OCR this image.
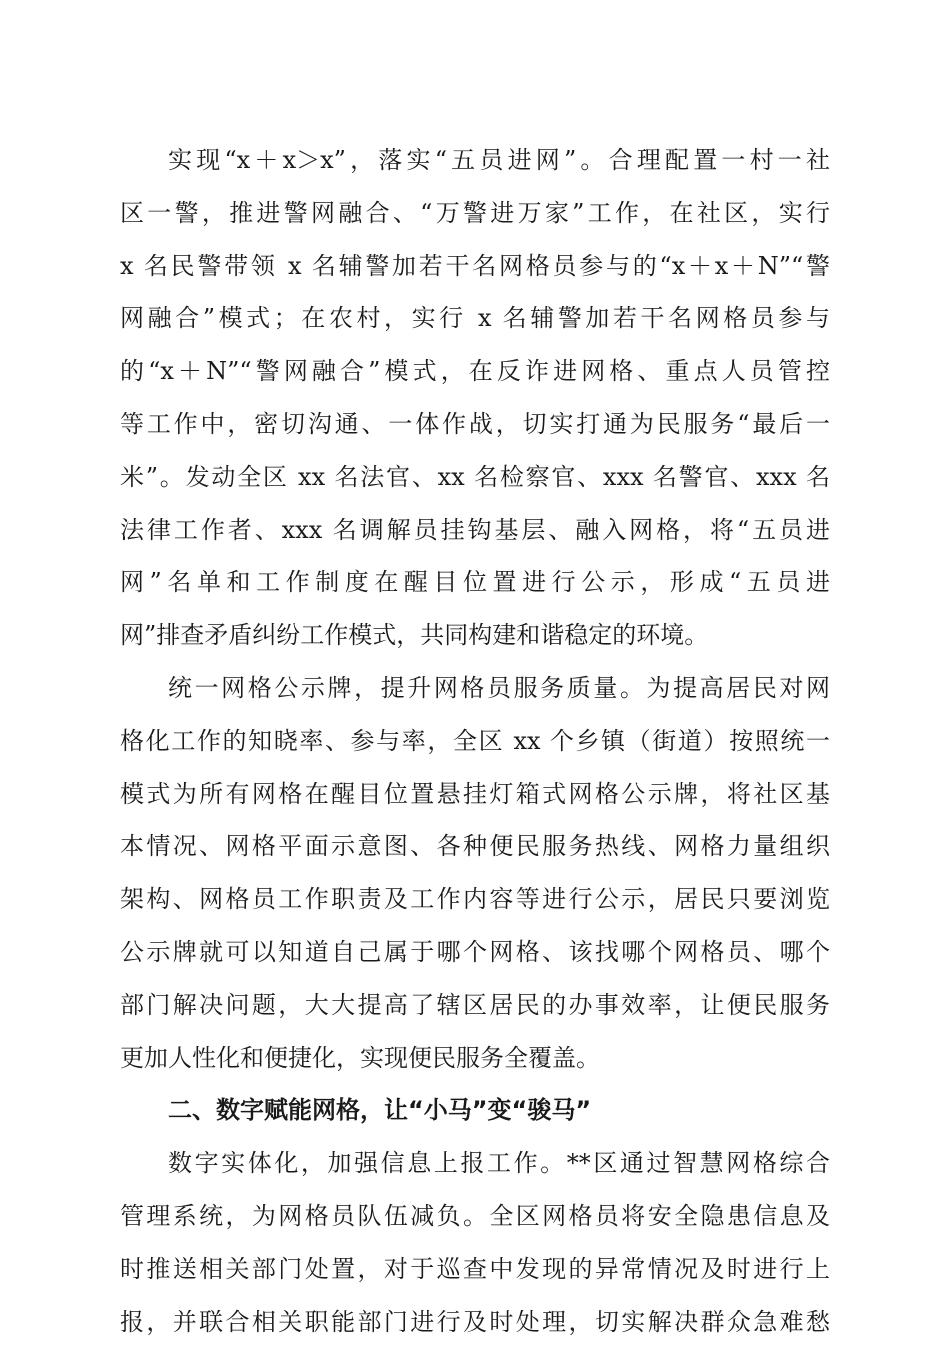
实现“x＋x＞x”，落实“五员进网”。合理配置一村一社
区一警，推进警网融合、“万警进万家”工作，在社区，实行
x 名民警带领 x 名辅警加若干名网格员参与的“x＋x＋N”“警
网融合”模式；在农村，实行 x 名辅警加若干名网格员参与
的“x＋N”“警网融合”模式，在反诈进网格、重点人员管控
等工作中，密切沟通、一体作战，切实打通为民服务“最后一
米”。发动全区 xx 名法官、xx 名检察官、xxx 名警官、xxx 名
法律工作者、xxx 名调解员挂钩基层、融入网格，将“五员进
网”名单和工作制度在醒目位置进行公示，形成“五员进
网”排查矛盾纠纷工作模式，共同构建和谐稳定的环境。
统一网格公示牌，提升网格员服务质量。为提高居民对网
格化工作的知晓率、参与率，全区 xx 个乡镇（街道）按照统一
模式为所有网格在醒目位置悬挂灯箱式网格公示牌，将社区基
本情况、网格平面示意图、各种便民服务热线、网格力量组织
架构、网格员工作职责及工作内容等进行公示，居民只要浏览
公示牌就可以知道自己属于哪个网格、该找哪个网格员、哪个
部门解决问题，大大提高了辖区居民的办事效率，让便民服务
更加人性化和便捷化，实现便民服务全覆盖。
二、数字赋能网格，让“小马”变“骏马”
数字实体化，加强信息上报工作。**区通过智慧网格综合
管理系统，为网格员队伍减负。全区网格员将安全隐患信息及
时推送相关部门处置，对于巡查中发现的异常情况及时进行上
报，并联合相关职能部门进行及时处理，切实解决群众急难愁
